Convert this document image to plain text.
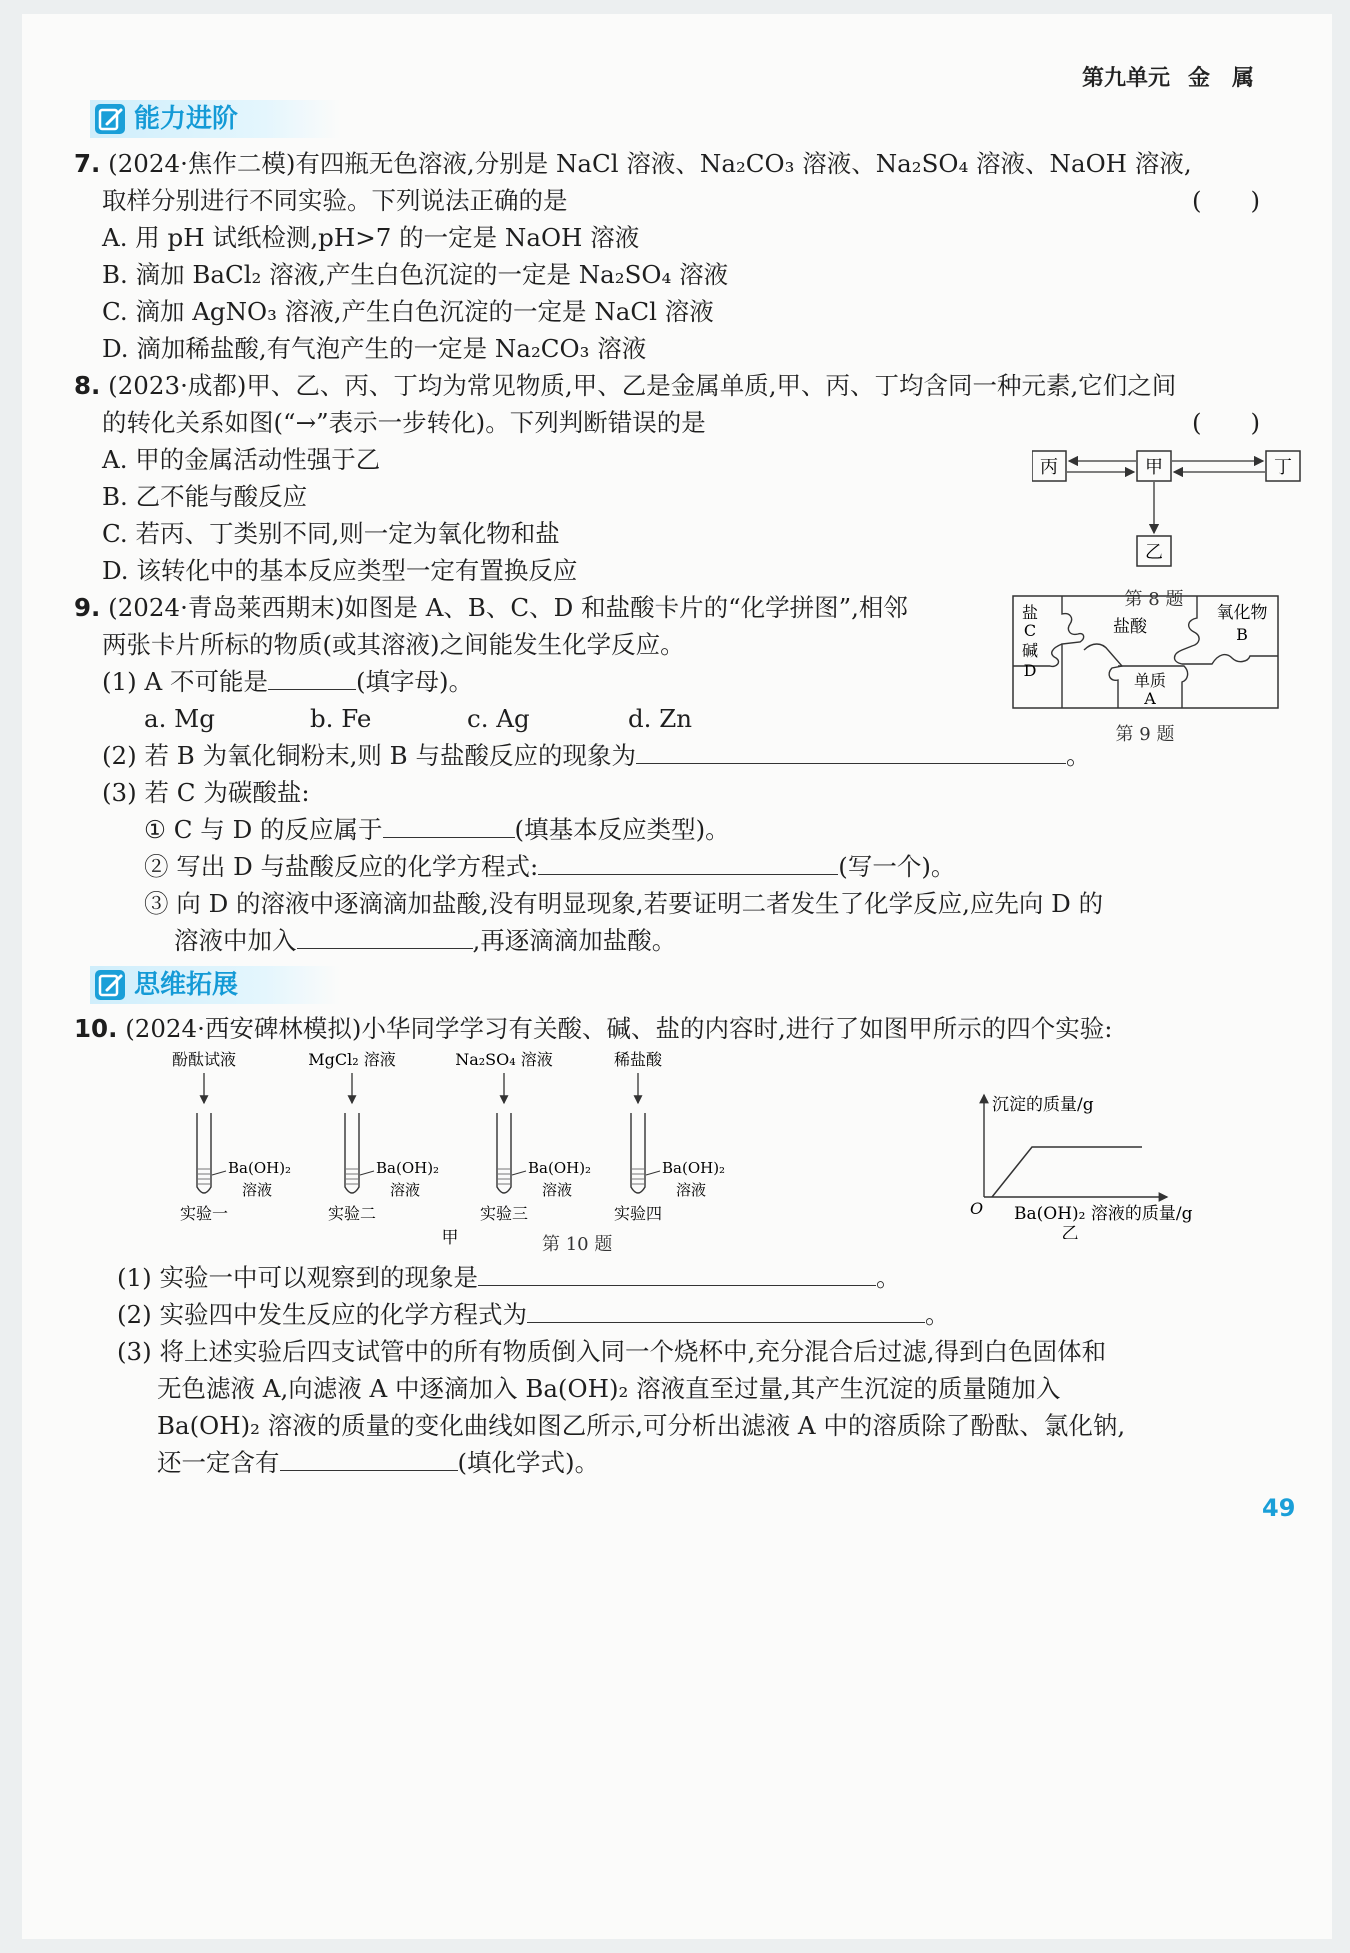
第九单元 金　属
能力进阶
7. (2024·焦作二模)有四瓶无色溶液,分别是 NaCl 溶液、Na₂CO₃ 溶液、Na₂SO₄ 溶液、NaOH 溶液,
取样分别进行不同实验。下列说法正确的是	(　　)
A. 用 pH 试纸检测,pH>7 的一定是 NaOH 溶液
B. 滴加 BaCl₂ 溶液,产生白色沉淀的一定是 Na₂SO₄ 溶液
C. 滴加 AgNO₃ 溶液,产生白色沉淀的一定是 NaCl 溶液
D. 滴加稀盐酸,有气泡产生的一定是 Na₂CO₃ 溶液
8. (2023·成都)甲、乙、丙、丁均为常见物质,甲、乙是金属单质,甲、丙、丁均含同一种元素,它们之间
的转化关系如图(“→”表示一步转化)。下列判断错误的是	(　　)
A. 甲的金属活动性强于乙
B. 乙不能与酸反应
C. 若丙、丁类别不同,则一定为氧化物和盐
D. 该转化中的基本反应类型一定有置换反应
丙	甲	丁
乙
第 8 题
9. (2024·青岛莱西期末)如图是 A、B、C、D 和盐酸卡片的“化学拼图”,相邻
两张卡片所标的物质(或其溶液)之间能发生化学反应。
(1) A 不可能是	(填字母)。
a. Mg	b. Fe	c. Ag	d. Zn
(2) 若 B 为氧化铜粉末,则 B 与盐酸反应的现象为	。
(3) 若 C 为碳酸盐:
① C 与 D 的反应属于	(填基本反应类型)。
② 写出 D 与盐酸反应的化学方程式:	(写一个)。
③ 向 D 的溶液中逐滴滴加盐酸,没有明显现象,若要证明二者发生了化学反应,应先向 D 的
溶液中加入	,再逐滴滴加盐酸。
盐
C
碱
D
盐酸
氧化物
B
单质
A
第 9 题
思维拓展
10. (2024·西安碑林模拟)小华同学学习有关酸、碱、盐的内容时,进行了如图甲所示的四个实验:
酚酞试液
Ba(OH)₂
溶液
实验一
MgCl₂ 溶液
Ba(OH)₂
溶液
实验二
Na₂SO₄ 溶液
Ba(OH)₂
溶液
实验三
稀盐酸
Ba(OH)₂
溶液
实验四
甲
沉淀的质量/g
O Ba(OH)₂ 溶液的质量/g
乙
第 10 题
(1) 实验一中可以观察到的现象是	。
(2) 实验四中发生反应的化学方程式为	。
(3) 将上述实验后四支试管中的所有物质倒入同一个烧杯中,充分混合后过滤,得到白色固体和
无色滤液 A,向滤液 A 中逐滴加入 Ba(OH)₂ 溶液直至过量,其产生沉淀的质量随加入
Ba(OH)₂ 溶液的质量的变化曲线如图乙所示,可分析出滤液 A 中的溶质除了酚酞、氯化钠,
还一定含有	(填化学式)。
49
